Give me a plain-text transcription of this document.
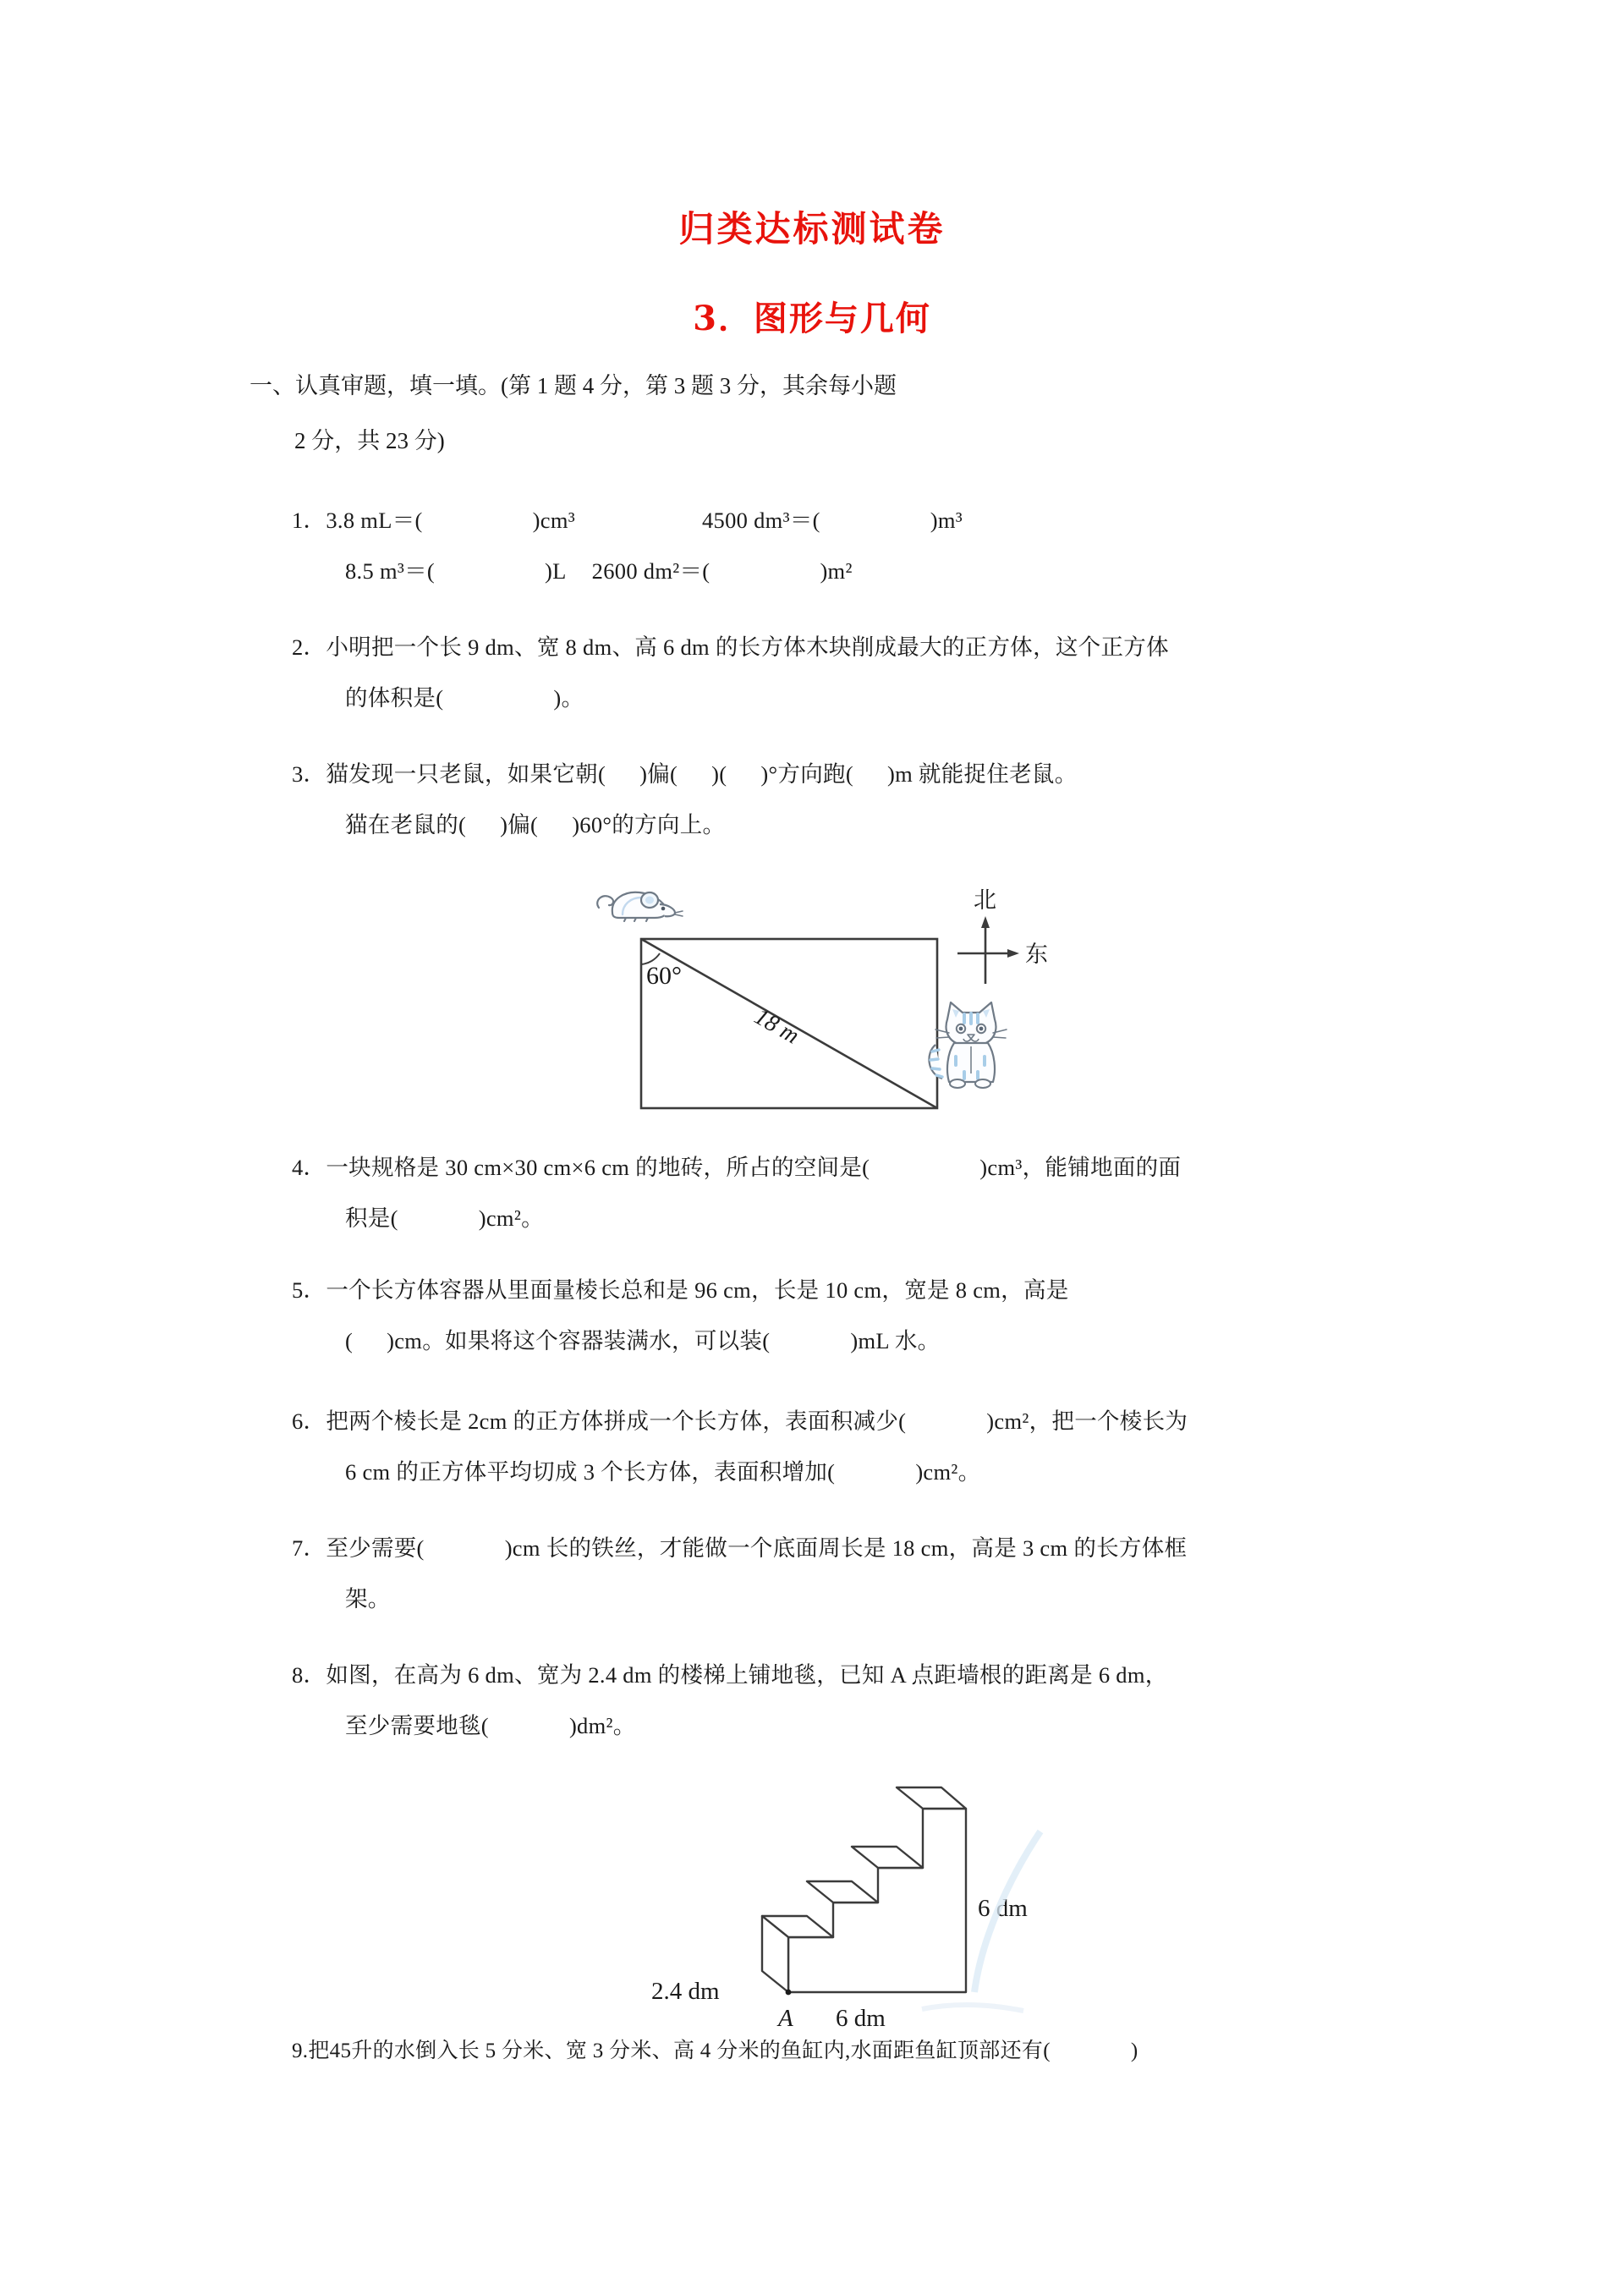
归类达标测试卷
3．图形与几何
一、认真审题，填一填。(第 1 题 4 分，第 3 题 3 分，其余每小题
2 分，共 23 分)
1．3.8 mL＝(	)cm³	4500 dm³＝(	)m³
8.5 m³＝(	)L 2600 dm²＝(	)m²
2．小明把一个长 9 dm、宽 8 dm、高 6 dm 的长方体木块削成最大的正方体，这个正方体
的体积是(	)。
3．猫发现一只老鼠，如果它朝( )偏( )( )°方向跑( )m 就能捉住老鼠。
猫在老鼠的( )偏( )60°的方向上。
60°
18 m
北
东
4．一块规格是 30 cm×30 cm×6 cm 的地砖，所占的空间是(	)cm³，能铺地面的面
积是(	)cm²。
5．一个长方体容器从里面量棱长总和是 96 cm，长是 10 cm，宽是 8 cm，高是
( )cm。如果将这个容器装满水，可以装(	)mL 水。
6．把两个棱长是 2cm 的正方体拼成一个长方体，表面积减少(	)cm²，把一个棱长为
6 cm 的正方体平均切成 3 个长方体，表面积增加(	)cm²。
7．至少需要(	)cm 长的铁丝，才能做一个底面周长是 18 cm，高是 3 cm 的长方体框
架。
8．如图，在高为 6 dm、宽为 2.4 dm 的楼梯上铺地毯，已知 A 点距墙根的距离是 6 dm，
至少需要地毯(	)dm²。
2.4 dm
A 6 dm
6 dm
9.把45升的水倒入长 5 分米、宽 3 分米、高 4 分米的鱼缸内,水面距鱼缸顶部还有(	)
